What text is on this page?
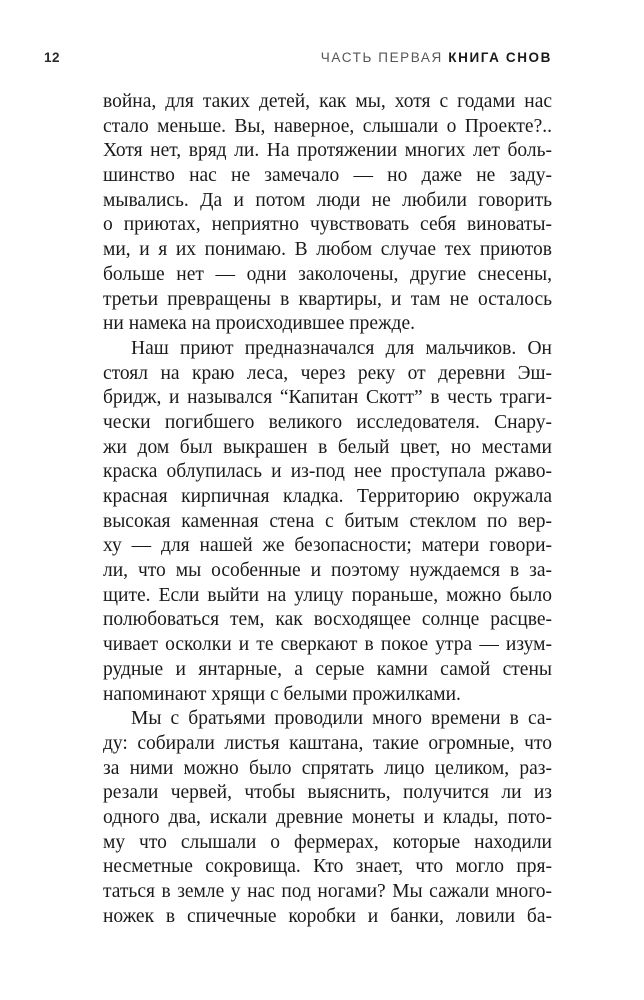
12	ЧАСТЬ ПЕРВАЯ КНИГА СНОВ
война, для таких детей, как мы, хотя с годами нас
стало меньше. Вы, наверное, слышали о Проекте?..
Хотя нет, вряд ли. На протяжении многих лет боль-
шинство нас не замечало — но даже не заду-
мывались. Да и потом люди не любили говорить
о приютах, неприятно чувствовать себя виноваты-
ми, и я их понимаю. В любом случае тех приютов
больше нет — одни заколочены, другие снесены,
третьи превращены в квартиры, и там не осталось
ни намека на происходившее прежде.
Наш приют предназначался для мальчиков. Он
стоял на краю леса, через реку от деревни Эш-
бридж, и назывался “Капитан Скотт” в честь траги-
чески погибшего великого исследователя. Снару-
жи дом был выкрашен в белый цвет, но местами
краска облупилась и из-под нее проступала ржаво-
красная кирпичная кладка. Территорию окружала
высокая каменная стена с битым стеклом по вер-
ху — для нашей же безопасности; матери говори-
ли, что мы особенные и поэтому нуждаемся в за-
щите. Если выйти на улицу пораньше, можно было
полюбоваться тем, как восходящее солнце расцве-
чивает осколки и те сверкают в покое утра — изум-
рудные и янтарные, а серые камни самой стены
напоминают хрящи с белыми прожилками.
Мы с братьями проводили много времени в са-
ду: собирали листья каштана, такие огромные, что
за ними можно было спрятать лицо целиком, раз-
резали червей, чтобы выяснить, получится ли из
одного два, искали древние монеты и клады, пото-
му что слышали о фермерах, которые находили
несметные сокровища. Кто знает, что могло пря-
таться в земле у нас под ногами? Мы сажали много-
ножек в спичечные коробки и банки, ловили ба-
